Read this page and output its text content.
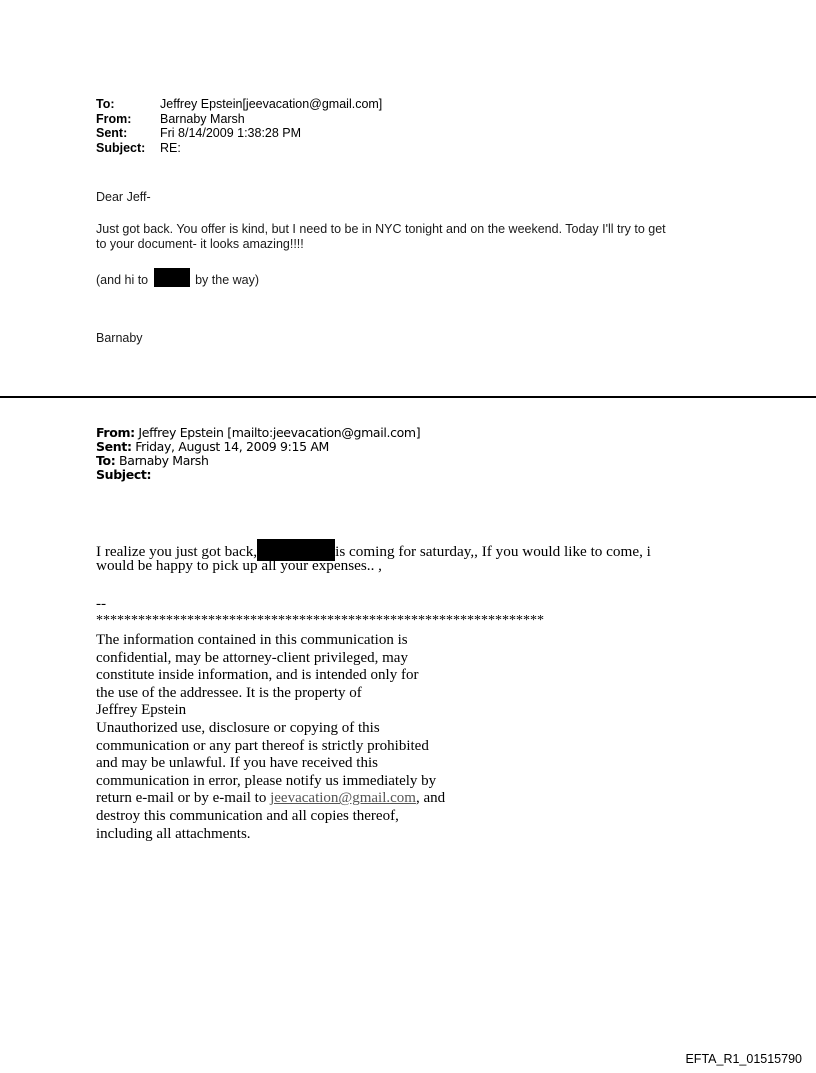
To:	Jeffrey Epstein[jeevacation@gmail.com]
From: Barnaby Marsh
Sent:	Fri 8/14/2009 1:38:28 PM
Subject: RE:
Dear Jeff-
Just got back. You offer is kind, but I need to be in NYC tonight and on the weekend. Today I'll try to get
to your document- it looks amazing!!!!
(and hi to	by the way)
Barnaby
From: Jeffrey Epstein [mailto:jeevacation@gmail.com]
Sent: Friday, August 14, 2009 9:15 AM
To: Barnaby Marsh
Subject:
I realize you just got back,	is coming for saturday,, If you would like to come, i
would be happy to pick up all your expenses.. ,
--
****************************************************************
The information contained in this communication is
confidential, may be attorney-client privileged, may
constitute inside information, and is intended only for
the use of the addressee. It is the property of
Jeffrey Epstein
Unauthorized use, disclosure or copying of this
communication or any part thereof is strictly prohibited
and may be unlawful. If you have received this
communication in error, please notify us immediately by
return e-mail or by e-mail to jeevacation@gmail.com, and
destroy this communication and all copies thereof,
including all attachments.
EFTA_R1_01515790
